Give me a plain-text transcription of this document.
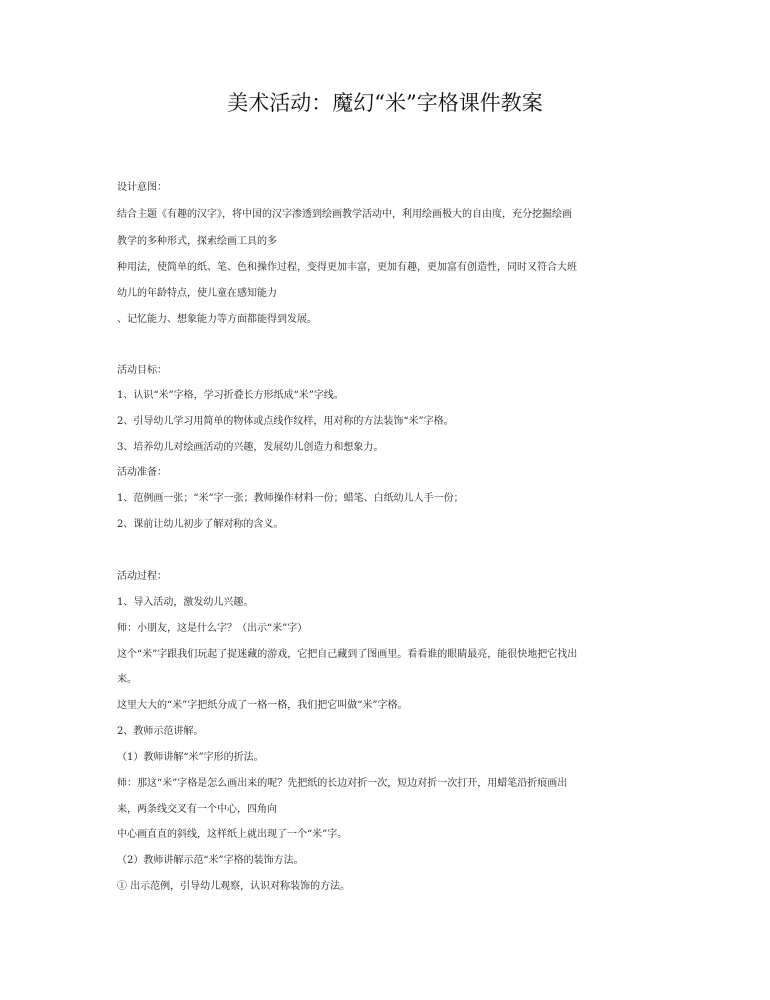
美术活动：魔幻“米”字格课件教案
设计意图：
结合主题《有趣的汉字》，将中国的汉字渗透到绘画教学活动中，利用绘画极大的自由度，充分挖掘绘画
教学的多种形式，探索绘画工具的多
种用法，使简单的纸、笔、色和操作过程，变得更加丰富，更加有趣，更加富有创造性，同时又符合大班
幼儿的年龄特点，使儿童在感知能力
、记忆能力、想象能力等方面都能得到发展。
活动目标：
1、认识“米”字格，学习折叠长方形纸成“米”字线。
2、引导幼儿学习用简单的物体或点线作纹样，用对称的方法装饰“米”字格。
3、培养幼儿对绘画活动的兴趣，发展幼儿创造力和想象力。
活动准备：
1、范例画一张；“米”字一张；教师操作材料一份；蜡笔、白纸幼儿人手一份；
2、课前让幼儿初步了解对称的含义。
活动过程：
1、导入活动，激发幼儿兴趣。
师：小朋友，这是什么字？（出示“米”字）
这个“米”字跟我们玩起了捉迷藏的游戏，它把自己藏到了图画里。看看谁的眼睛最亮，能很快地把它找出
来。
这里大大的“米”字把纸分成了一格一格，我们把它叫做“米”字格。
2、教师示范讲解。
（1）教师讲解“米”字形的折法。
师：那这“米”字格是怎么画出来的呢？先把纸的长边对折一次，短边对折一次打开，用蜡笔沿折痕画出
来，两条线交叉有一个中心，四角向
中心画直直的斜线，这样纸上就出现了一个“米”字。
（2）教师讲解示范“米”字格的装饰方法。
① 出示范例，引导幼儿观察，认识对称装饰的方法。
